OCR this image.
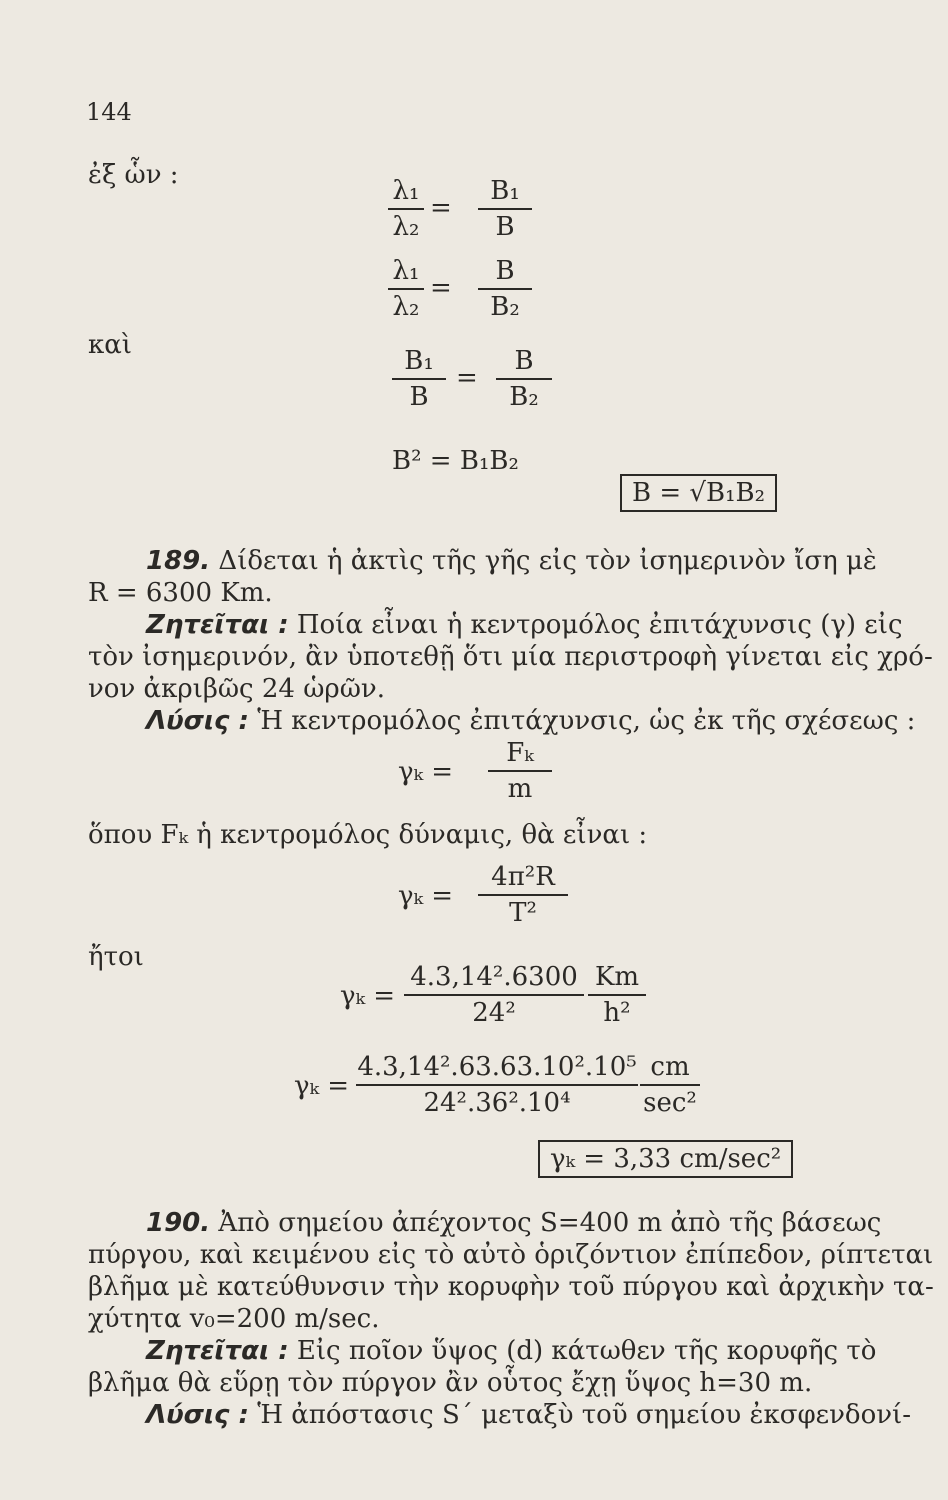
144
ἐξ ὧν :
καὶ
λ₁
λ₂
=
B₁
B
λ₁
λ₂
=
B
B₂
B₁
B
=
B
B₂
B² = B₁B₂
B = √B₁B₂
189. Δίδεται ἡ ἀκτὶς τῆς γῆς εἰς τὸν ἰσημερινὸν ἴση μὲ
R = 6300 Km.
Ζητεῖται : Ποία εἶναι ἡ κεντρομόλος ἐπιτάχυνσις (γ) εἰς
τὸν ἰσημερινόν, ἂν ὑποτεθῇ ὅτι μία περιστροφὴ γίνεται εἰς χρό-
νον ἀκριβῶς 24 ὡρῶν.
Λύσις : Ἡ κεντρομόλος ἐπιτάχυνσις, ὡς ἐκ τῆς σχέσεως :
γₖ =
Fₖ
m
ὅπου Fₖ ἡ κεντρομόλος δύναμις, θὰ εἶναι :
γₖ =
4π²R
T²
ἤτοι
γₖ =
4.3,14².6300
24²
Km
h²
γₖ =
4.3,14².63.63.10².10⁵
24².36².10⁴
cm
sec²
γₖ = 3,33 cm/sec²
190. Ἀπὸ σημείου ἀπέχοντος S=400 m ἀπὸ τῆς βάσεως
πύργου, καὶ κειμένου εἰς τὸ αὐτὸ ὁριζόντιον ἐπίπεδον, ρίπτεται
βλῆμα μὲ κατεύθυνσιν τὴν κορυφὴν τοῦ πύργου καὶ ἀρχικὴν τα-
χύτητα v₀=200 m/sec.
Ζητεῖται : Εἰς ποῖον ὕψος (d) κάτωθεν τῆς κορυφῆς τὸ
βλῆμα θὰ εὕρῃ τὸν πύργον ἂν οὗτος ἔχῃ ὕψος h=30 m.
Λύσις : Ἡ ἀπόστασις S΄ μεταξὺ τοῦ σημείου ἐκσφενδονί-
